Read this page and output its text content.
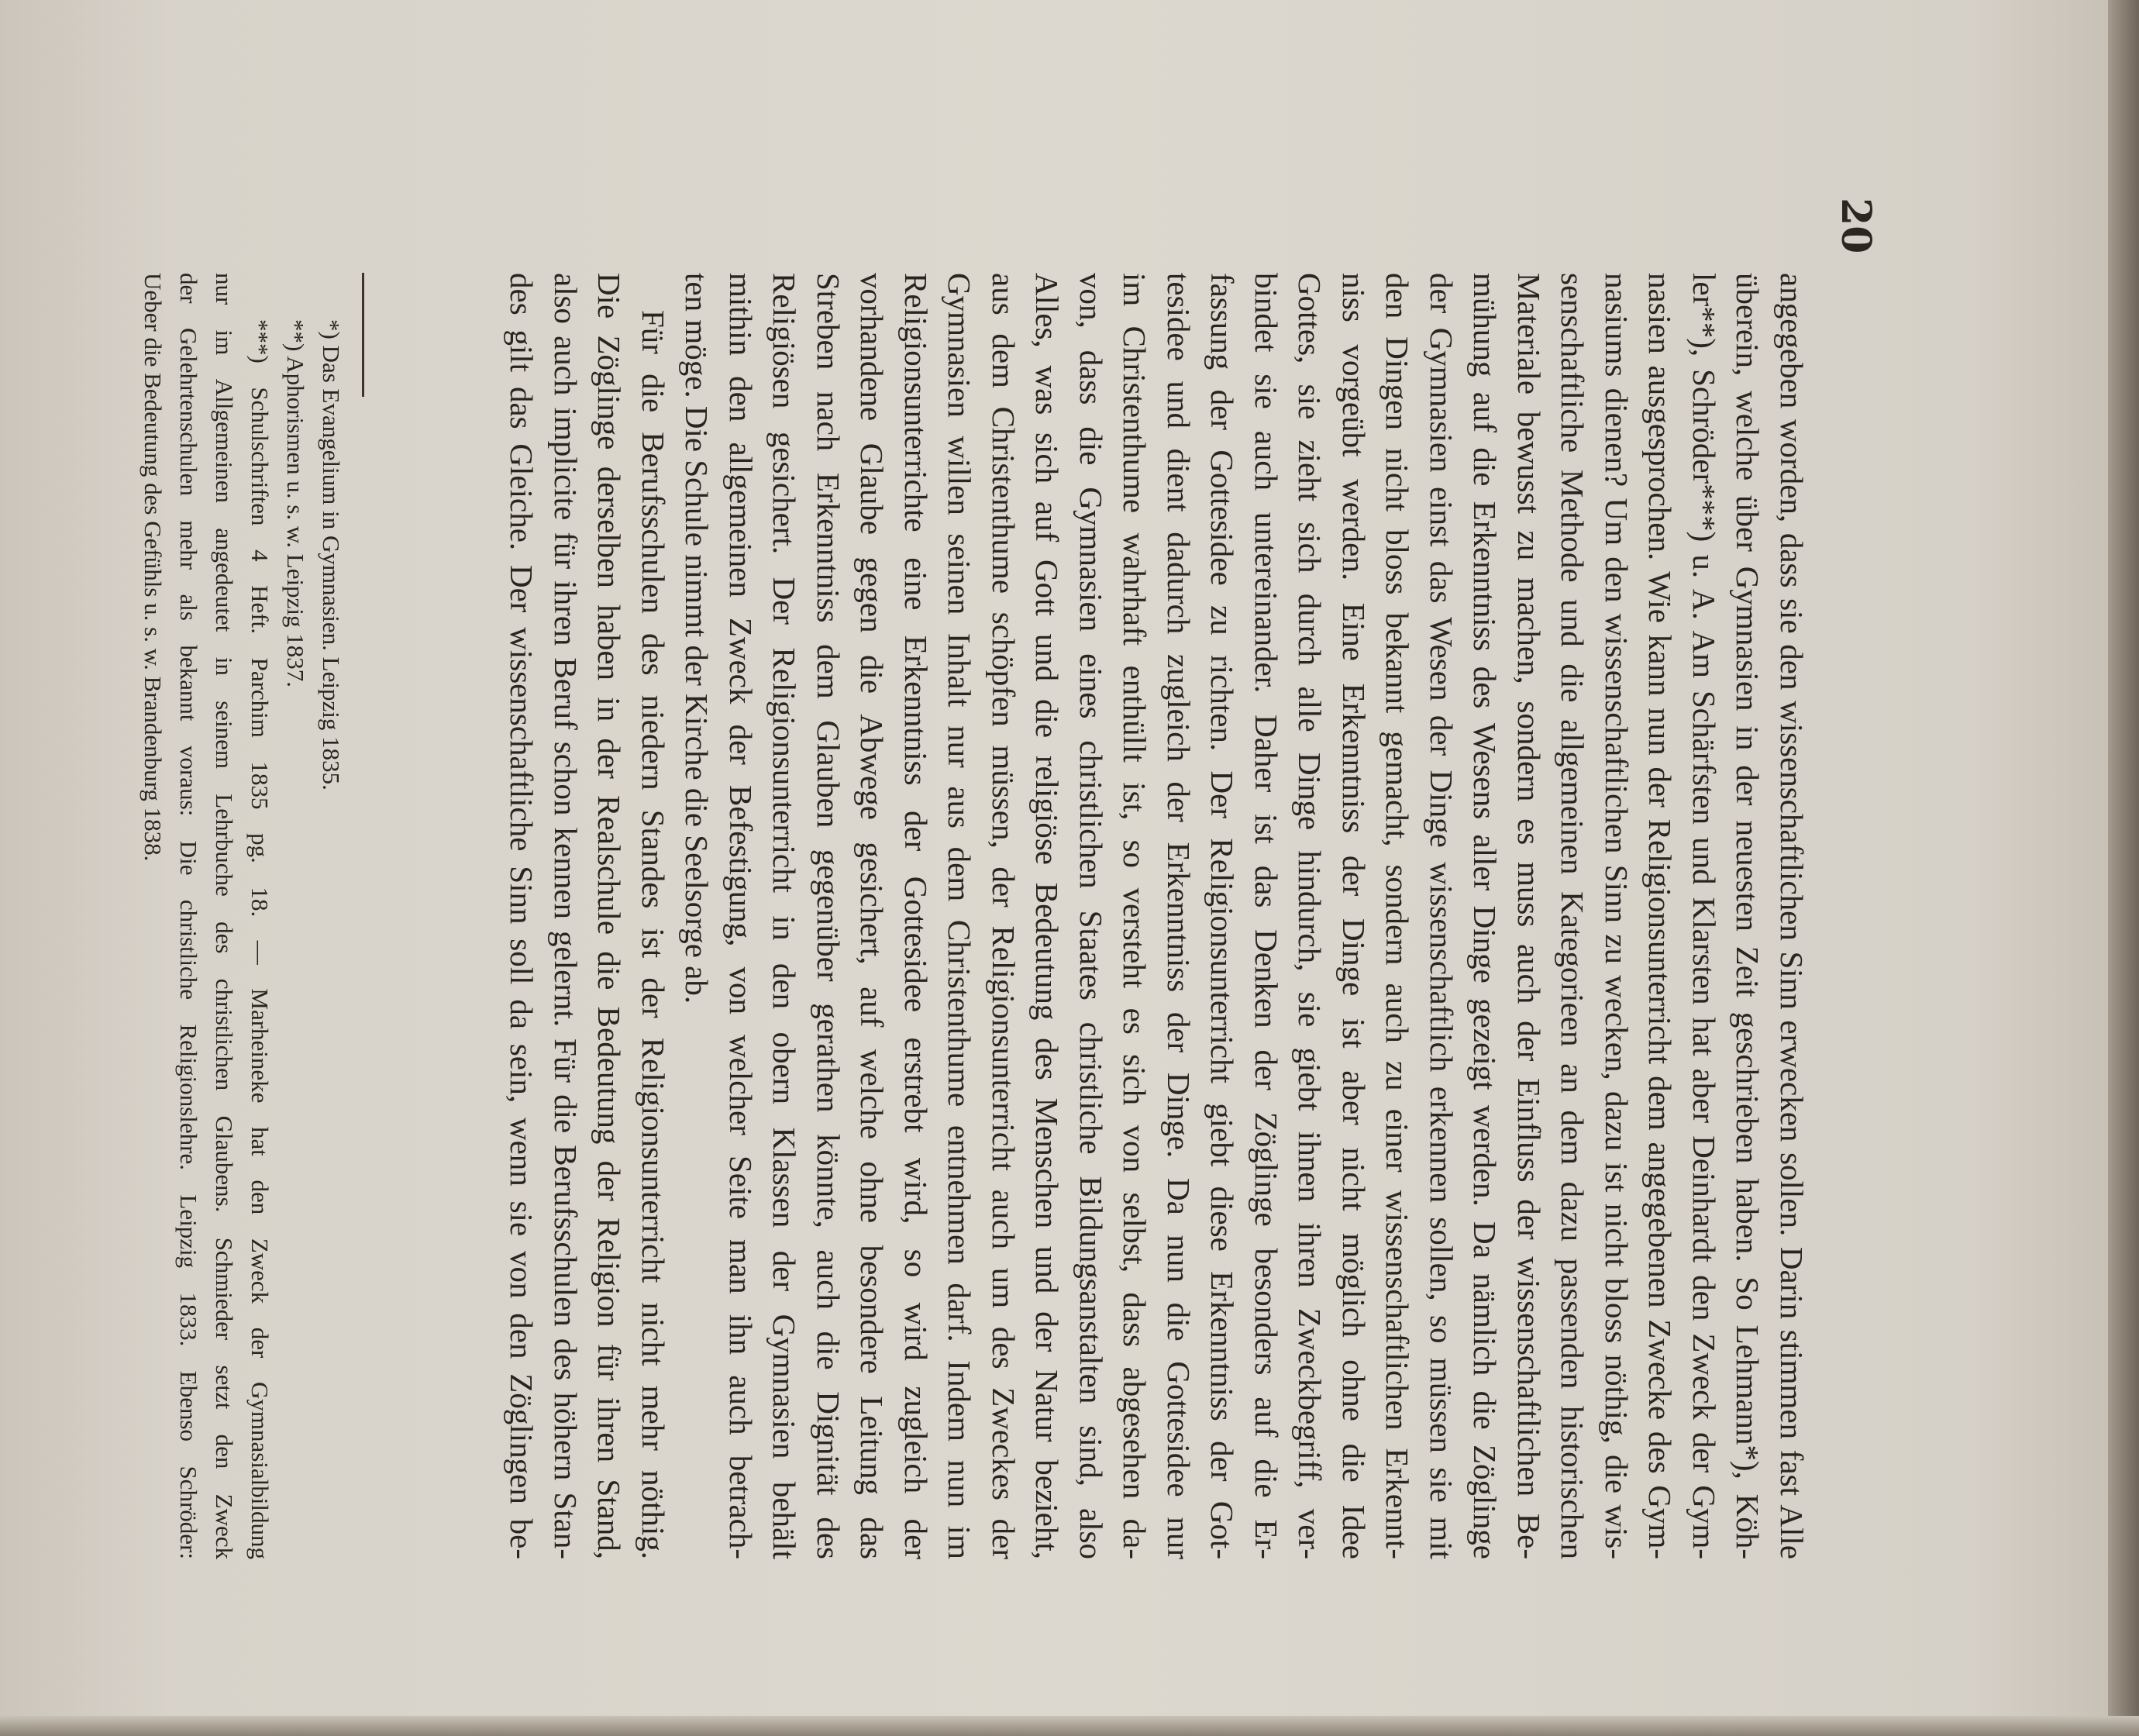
20
angegeben worden, dass sie den wissenschaftlichen Sinn erwecken sollen. Darin stimmen fast Alle
überein, welche über Gymnasien in der neuesten Zeit geschrieben haben. So Lehmann*), Köh-
ler**), Schröder***) u. A. Am Schärfsten und Klarsten hat aber Deinhardt den Zweck der Gym-
nasien ausgesprochen. Wie kann nun der Religionsunterricht dem angegebenen Zwecke des Gym-
nasiums dienen? Um den wissenschaftlichen Sinn zu wecken, dazu ist nicht bloss nöthig, die wis-
senschaftliche Methode und die allgemeinen Kategorieen an dem dazu passenden historischen
Materiale bewusst zu machen, sondern es muss auch der Einfluss der wissenschaftlichen Be-
mühung auf die Erkenntniss des Wesens aller Dinge gezeigt werden. Da nämlich die Zöglinge
der Gymnasien einst das Wesen der Dinge wissenschaftlich erkennen sollen, so müssen sie mit
den Dingen nicht bloss bekannt gemacht, sondern auch zu einer wissenschaftlichen Erkennt-
niss vorgeübt werden. Eine Erkenntniss der Dinge ist aber nicht möglich ohne die Idee
Gottes, sie zieht sich durch alle Dinge hindurch, sie giebt ihnen ihren Zweckbegriff, ver-
bindet sie auch untereinander. Daher ist das Denken der Zöglinge besonders auf die Er-
fassung der Gottesidee zu richten. Der Religionsunterricht giebt diese Erkenntniss der Got-
tesidee und dient dadurch zugleich der Erkenntniss der Dinge. Da nun die Gottesidee nur
im Christenthume wahrhaft enthüllt ist, so versteht es sich von selbst, dass abgesehen da-
von, dass die Gymnasien eines christlichen Staates christliche Bildungsanstalten sind, also
Alles, was sich auf Gott und die religiöse Bedeutung des Menschen und der Natur bezieht,
aus dem Christenthume schöpfen müssen, der Religionsunterricht auch um des Zweckes der
Gymnasien willen seinen Inhalt nur aus dem Christenthume entnehmen darf. Indem nun im
Religionsunterrichte eine Erkenntniss der Gottesidee erstrebt wird, so wird zugleich der
vorhandene Glaube gegen die Abwege gesichert, auf welche ohne besondere Leitung das
Streben nach Erkenntniss dem Glauben gegenüber gerathen könnte, auch die Dignität des
Religiösen gesichert. Der Religionsunterricht in den obern Klassen der Gymnasien behält
mithin den allgemeinen Zweck der Befestigung, von welcher Seite man ihn auch betrach-
ten möge. Die Schule nimmt der Kirche die Seelsorge ab.
Für die Berufsschulen des niedern Standes ist der Religionsunterricht nicht mehr nöthig.
Die Zöglinge derselben haben in der Realschule die Bedeutung der Religion für ihren Stand,
also auch implicite für ihren Beruf schon kennen gelernt. Für die Berufsschulen des höhern Stan-
des gilt das Gleiche. Der wissenschaftliche Sinn soll da sein, wenn sie von den Zöglingen be-
*) Das Evangelium in Gymnasien. Leipzig 1835.
**) Aphorismen u. s. w. Leipzig 1837.
***) Schulschriften 4 Heft. Parchim 1835 pg. 18. — Marheineke hat den Zweck der Gymnasialbildung
nur im Allgemeinen angedeutet in seinem Lehrbuche des christlichen Glaubens. Schmieder setzt den Zweck
der Gelehrtenschulen mehr als bekannt voraus: Die christliche Religionslehre. Leipzig 1833. Ebenso Schröder:
Ueber die Bedeutung des Gefühls u. s. w. Brandenburg 1838.
